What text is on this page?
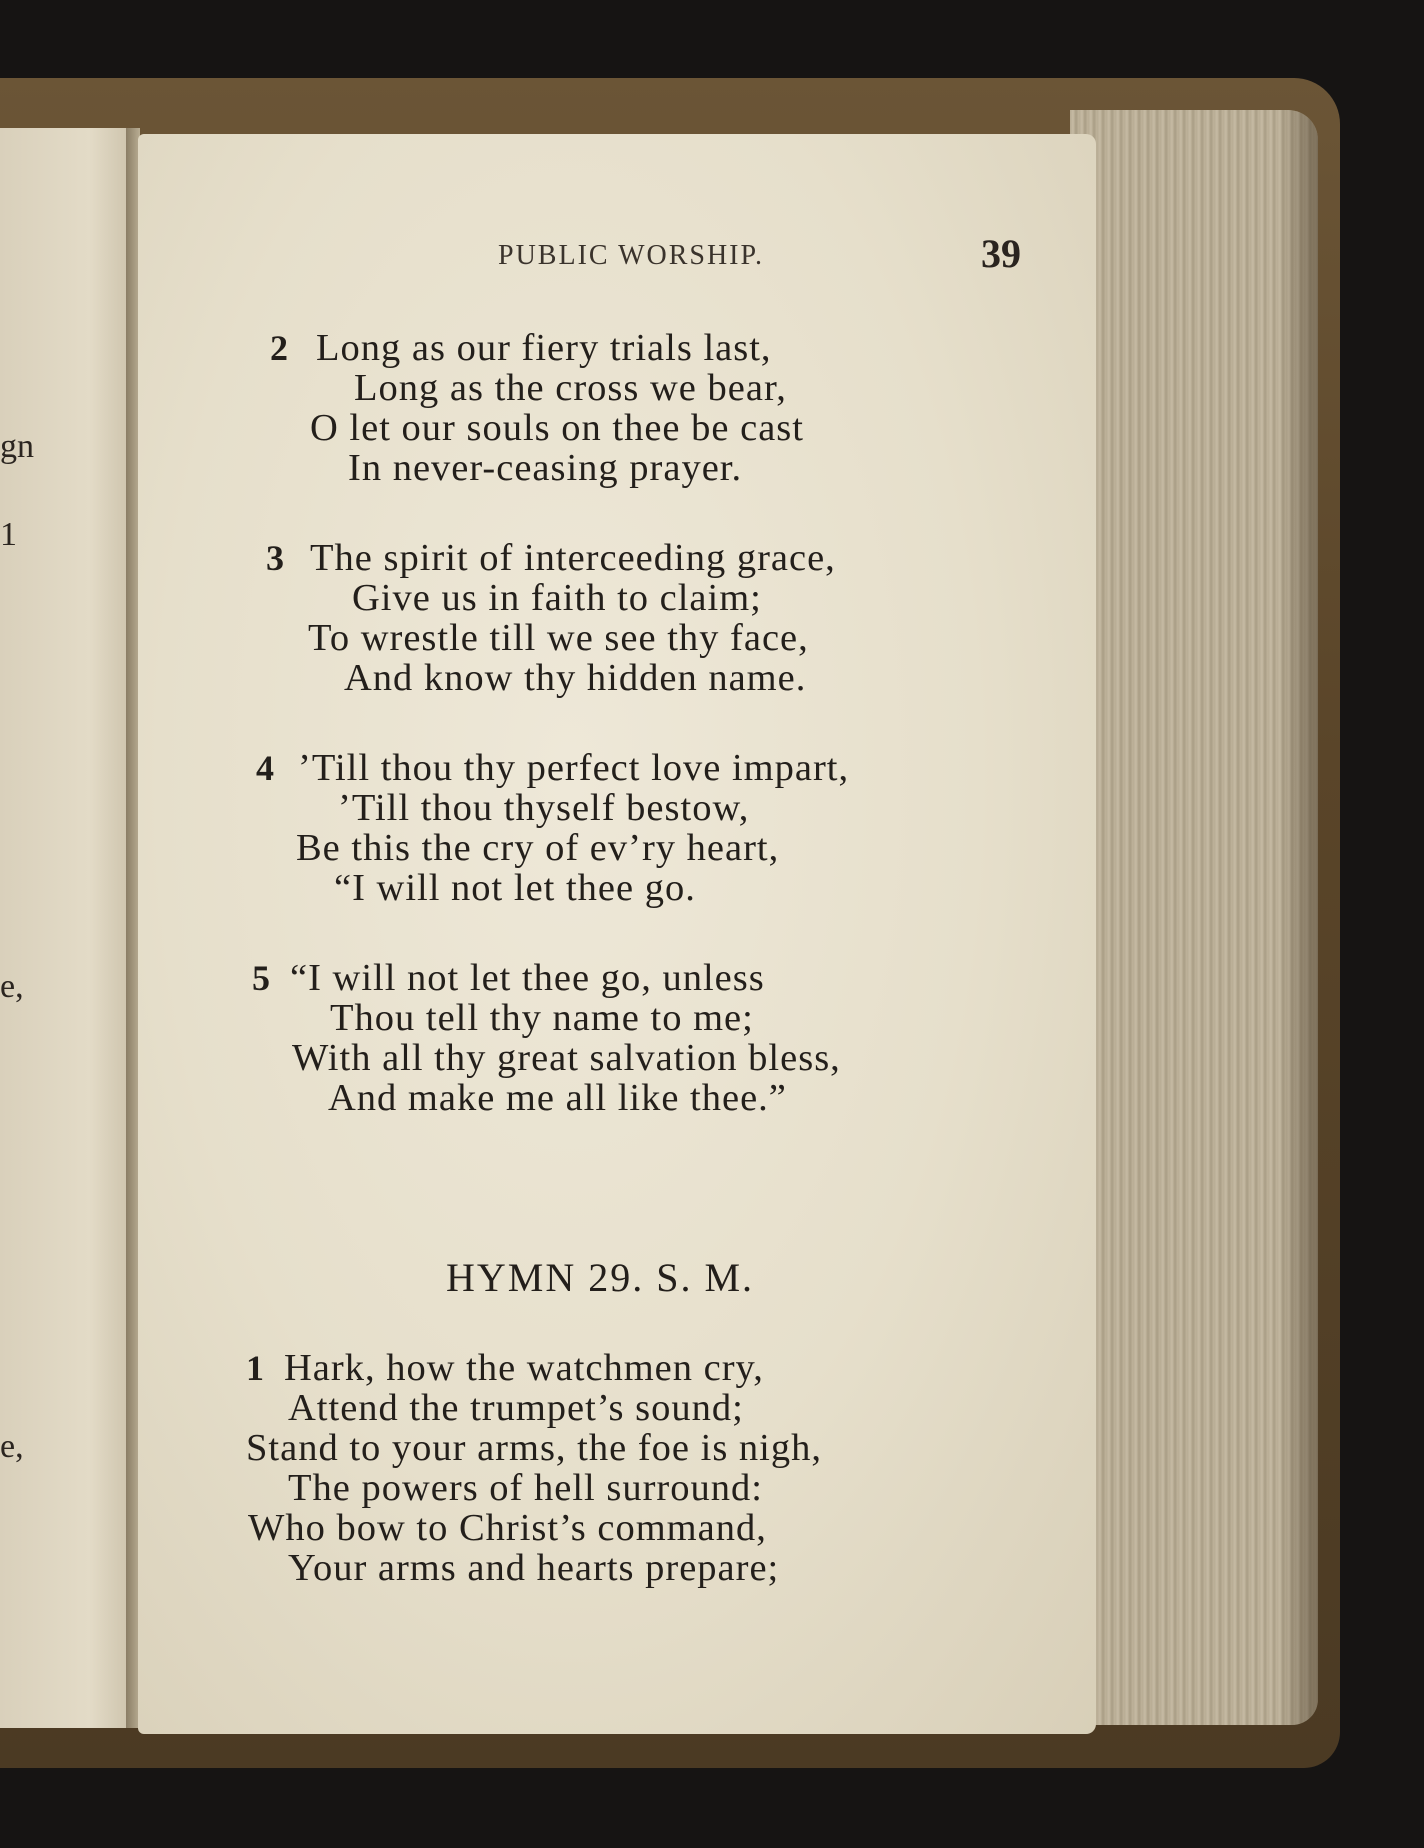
gn
1
e,
e,
PUBLIC WORSHIP.	39
2 Long as our fiery trials last,
Long as the cross we bear,
O let our souls on thee be cast
In never-ceasing prayer.
3 The spirit of interceeding grace,
Give us in faith to claim;
To wrestle till we see thy face,
And know thy hidden name.
4 ’Till thou thy perfect love impart,
’Till thou thyself bestow,
Be this the cry of ev’ry heart,
“I will not let thee go.
5 “I will not let thee go, unless
Thou tell thy name to me;
With all thy great salvation bless,
And make me all like thee.”
HYMN 29. S. M.
1 Hark, how the watchmen cry,
Attend the trumpet’s sound;
Stand to your arms, the foe is nigh,
The powers of hell surround:
Who bow to Christ’s command,
Your arms and hearts prepare;
